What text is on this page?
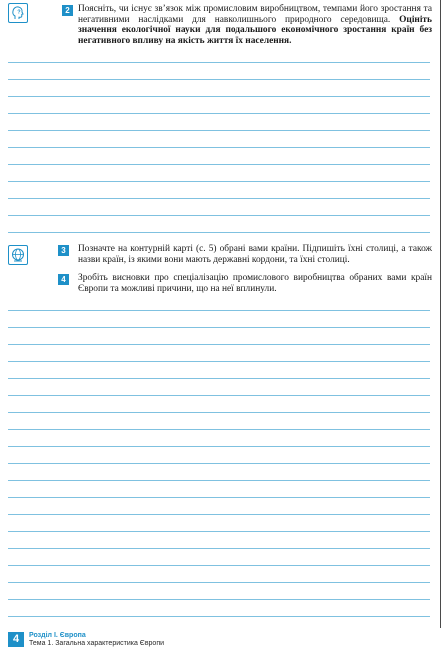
?	2 Поясніть, чи існує зв’язок між промисловим виробництвом, темпами його зростання та негативними наслідками для навколишнього природного середовища. Оцініть значення екологічної науки для подальшого економічного зростання країн без негативного впливу на якість життя їх населення.
3	Позначте на контурній карті (с. 5) обрані вами країни. Підпишіть їхні столиці, а також назви країн, із якими вони мають державні кордони, та їхні столиці.
4	Зробіть висновки про спеціалізацію промислового виробництва обраних вами країн Європи та можливі причини, що на неї вплинули.
4	Розділ І. Європа
Тема 1. Загальна характеристика Європи
